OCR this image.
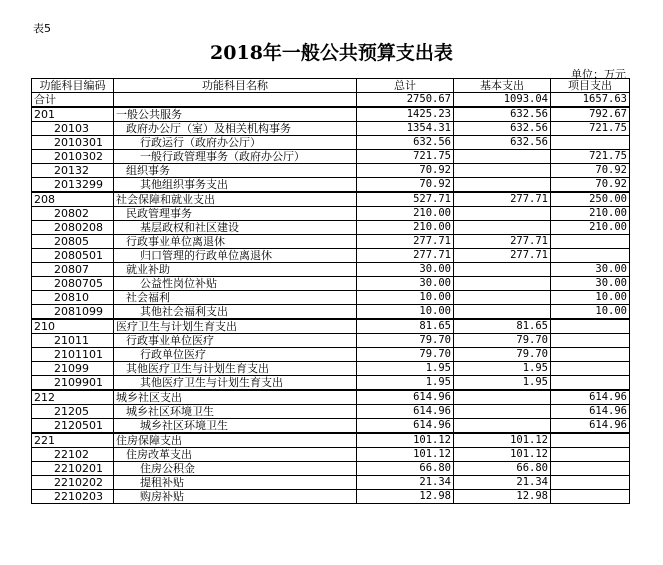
表5
2018年一般公共预算支出表
单位：万元
功能科目编码	功能科目名称	总计	基本支出	项目支出
合计		2750.67	1093.04	1657.63
201	一般公共服务	1425.23	632.56	792.67
20103	政府办公厅（室）及相关机构事务	1354.31	632.56	721.75
2010301	行政运行（政府办公厅）	632.56	632.56	
2010302	一般行政管理事务（政府办公厅）	721.75		721.75
20132	组织事务	70.92		70.92
2013299	其他组织事务支出	70.92		70.92
208	社会保障和就业支出	527.71	277.71	250.00
20802	民政管理事务	210.00		210.00
2080208	基层政权和社区建设	210.00		210.00
20805	行政事业单位离退休	277.71	277.71	
2080501	归口管理的行政单位离退休	277.71	277.71	
20807	就业补助	30.00		30.00
2080705	公益性岗位补贴	30.00		30.00
20810	社会福利	10.00		10.00
2081099	其他社会福利支出	10.00		10.00
210	医疗卫生与计划生育支出	81.65	81.65	
21011	行政事业单位医疗	79.70	79.70	
2101101	行政单位医疗	79.70	79.70	
21099	其他医疗卫生与计划生育支出	1.95	1.95	
2109901	其他医疗卫生与计划生育支出	1.95	1.95	
212	城乡社区支出	614.96		614.96
21205	城乡社区环境卫生	614.96		614.96
2120501	城乡社区环境卫生	614.96		614.96
221	住房保障支出	101.12	101.12	
22102	住房改革支出	101.12	101.12	
2210201	住房公积金	66.80	66.80	
2210202	提租补贴	21.34	21.34	
2210203	购房补贴	12.98	12.98	
